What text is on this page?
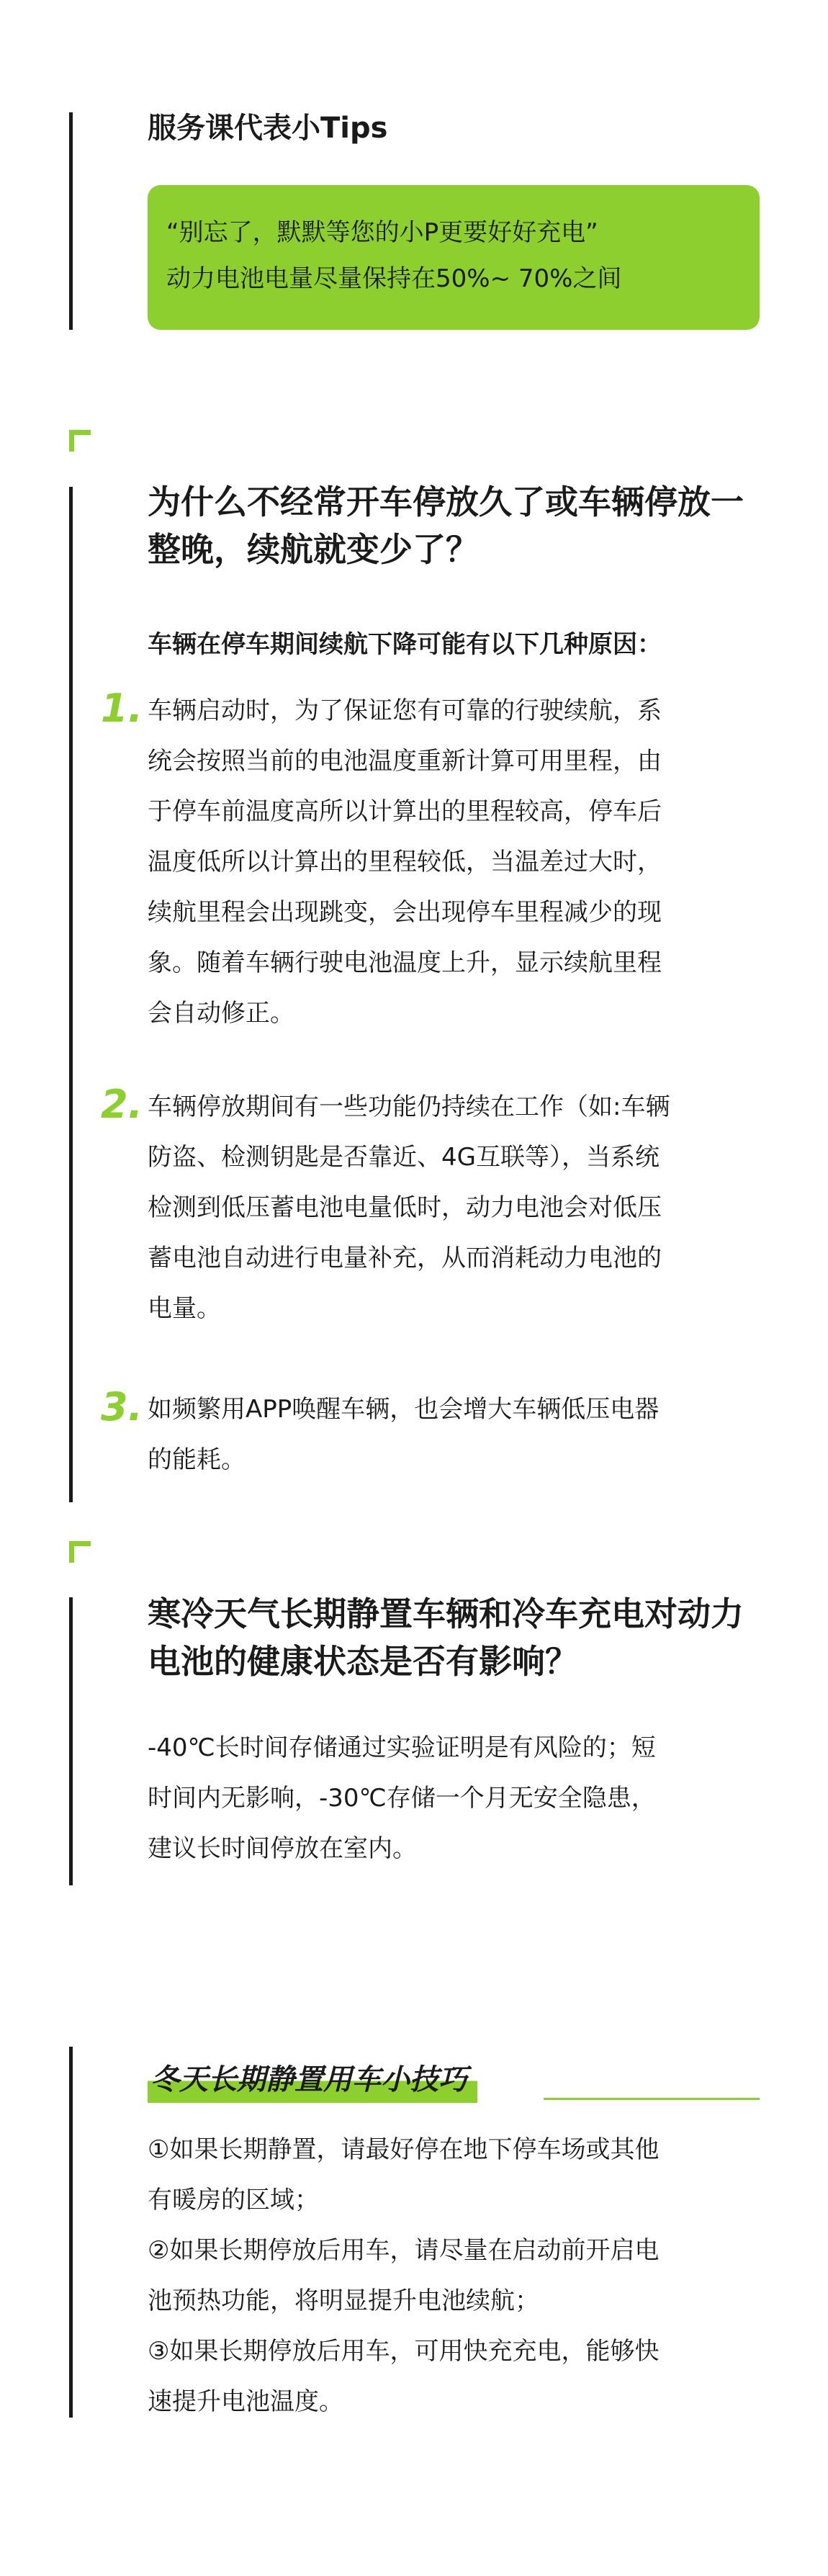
服务课代表小Tips

“别忘了，默默等您的小P更要好好充电”

动力电池电量尽量保持在50%~ 70%之间

为什么不经常开车停放久了或车辆停放一
整晚，续航就变少了？
车辆在停车期间续航下降可能有以下几种原因：
1. 车辆启动时，为了保证您有可靠的行驶续航，系

统会按照当前的电池温度重新计算可用里程，由

于停车前温度高所以计算出的里程较高，停车后

温度低所以计算出的里程较低，当温差过大时，

续航里程会出现跳变，会出现停车里程减少的现

象。随着车辆行驶电池温度上升，显示续航里程

会自动修正。

2. 车辆停放期间有一些功能仍持续在工作（如:车辆

防盗、检测钥匙是否靠近、4G互联等），当系统

检测到低压蓄电池电量低时，动力电池会对低压

蓄电池自动进行电量补充，从而消耗动力电池的

电量。

3. 如频繁用APP唤醒车辆，也会增大车辆低压电器

的能耗。

寒冷天气长期静置车辆和冷车充电对动力
电池的健康状态是否有影响？
-40℃长时间存储通过实验证明是有风险的；短
时间内无影响，-30℃存储一个月无安全隐患，
建议长时间停放在室内。
冬天长期静置用车小技巧
①如果长期静置，请最好停在地下停车场或其他
有暖房的区域；
②如果长期停放后用车，请尽量在启动前开启电
池预热功能，将明显提升电池续航；
③如果长期停放后用车，可用快充充电，能够快
速提升电池温度。
